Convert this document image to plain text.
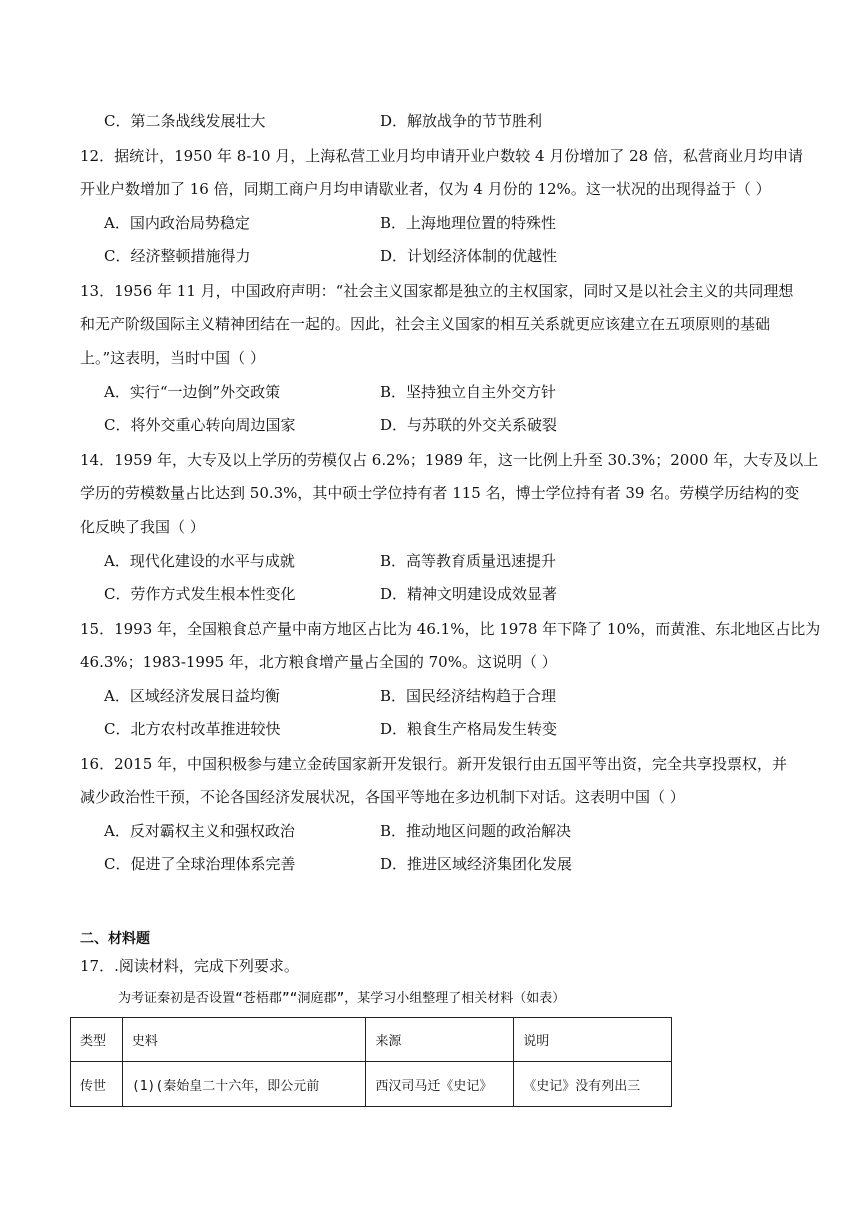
C．第二条战线发展壮大	D．解放战争的节节胜利
12．据统计，1950 年 8-10 月，上海私营工业月均申请开业户数较 4 月份增加了 28 倍，私营商业月均申请
开业户数增加了 16 倍，同期工商户月均申请歇业者，仅为 4 月份的 12%。这一状况的出现得益于（ ）
A．国内政治局势稳定	B．上海地理位置的特殊性
C．经济整顿措施得力	D．计划经济体制的优越性
13．1956 年 11 月，中国政府声明：“社会主义国家都是独立的主权国家，同时又是以社会主义的共同理想
和无产阶级国际主义精神团结在一起的。因此，社会主义国家的相互关系就更应该建立在五项原则的基础
上。”这表明，当时中国（ ）
A．实行“一边倒”外交政策	B．坚持独立自主外交方针
C．将外交重心转向周边国家	D．与苏联的外交关系破裂
14．1959 年，大专及以上学历的劳模仅占 6.2%；1989 年，这一比例上升至 30.3%；2000 年，大专及以上
学历的劳模数量占比达到 50.3%，其中硕士学位持有者 115 名，博士学位持有者 39 名。劳模学历结构的变
化反映了我国（ ）
A．现代化建设的水平与成就	B．高等教育质量迅速提升
C．劳作方式发生根本性变化	D．精神文明建设成效显著
15．1993 年，全国粮食总产量中南方地区占比为 46.1%，比 1978 年下降了 10%，而黄淮、东北地区占比为
46.3%；1983-1995 年，北方粮食增产量占全国的 70%。这说明（ ）
A．区域经济发展日益均衡	B．国民经济结构趋于合理
C．北方农村改革推进较快	D．粮食生产格局发生转变
16．2015 年，中国积极参与建立金砖国家新开发银行。新开发银行由五国平等出资，完全共享投票权，并
减少政治性干预，不论各国经济发展状况，各国平等地在多边机制下对话。这表明中国（ ）
A．反对霸权主义和强权政治	B．推动地区问题的政治解决
C．促进了全球治理体系完善	D．推进区域经济集团化发展
二、材料题
17．.阅读材料，完成下列要求。
为考证秦初是否设置“苍梧郡”“洞庭郡”，某学习小组整理了相关材料（如表）
类型	史料	来源	说明
传世	(1)(秦始皇二十六年，即公元前	西汉司马迁《史记》	《史记》没有列出三
